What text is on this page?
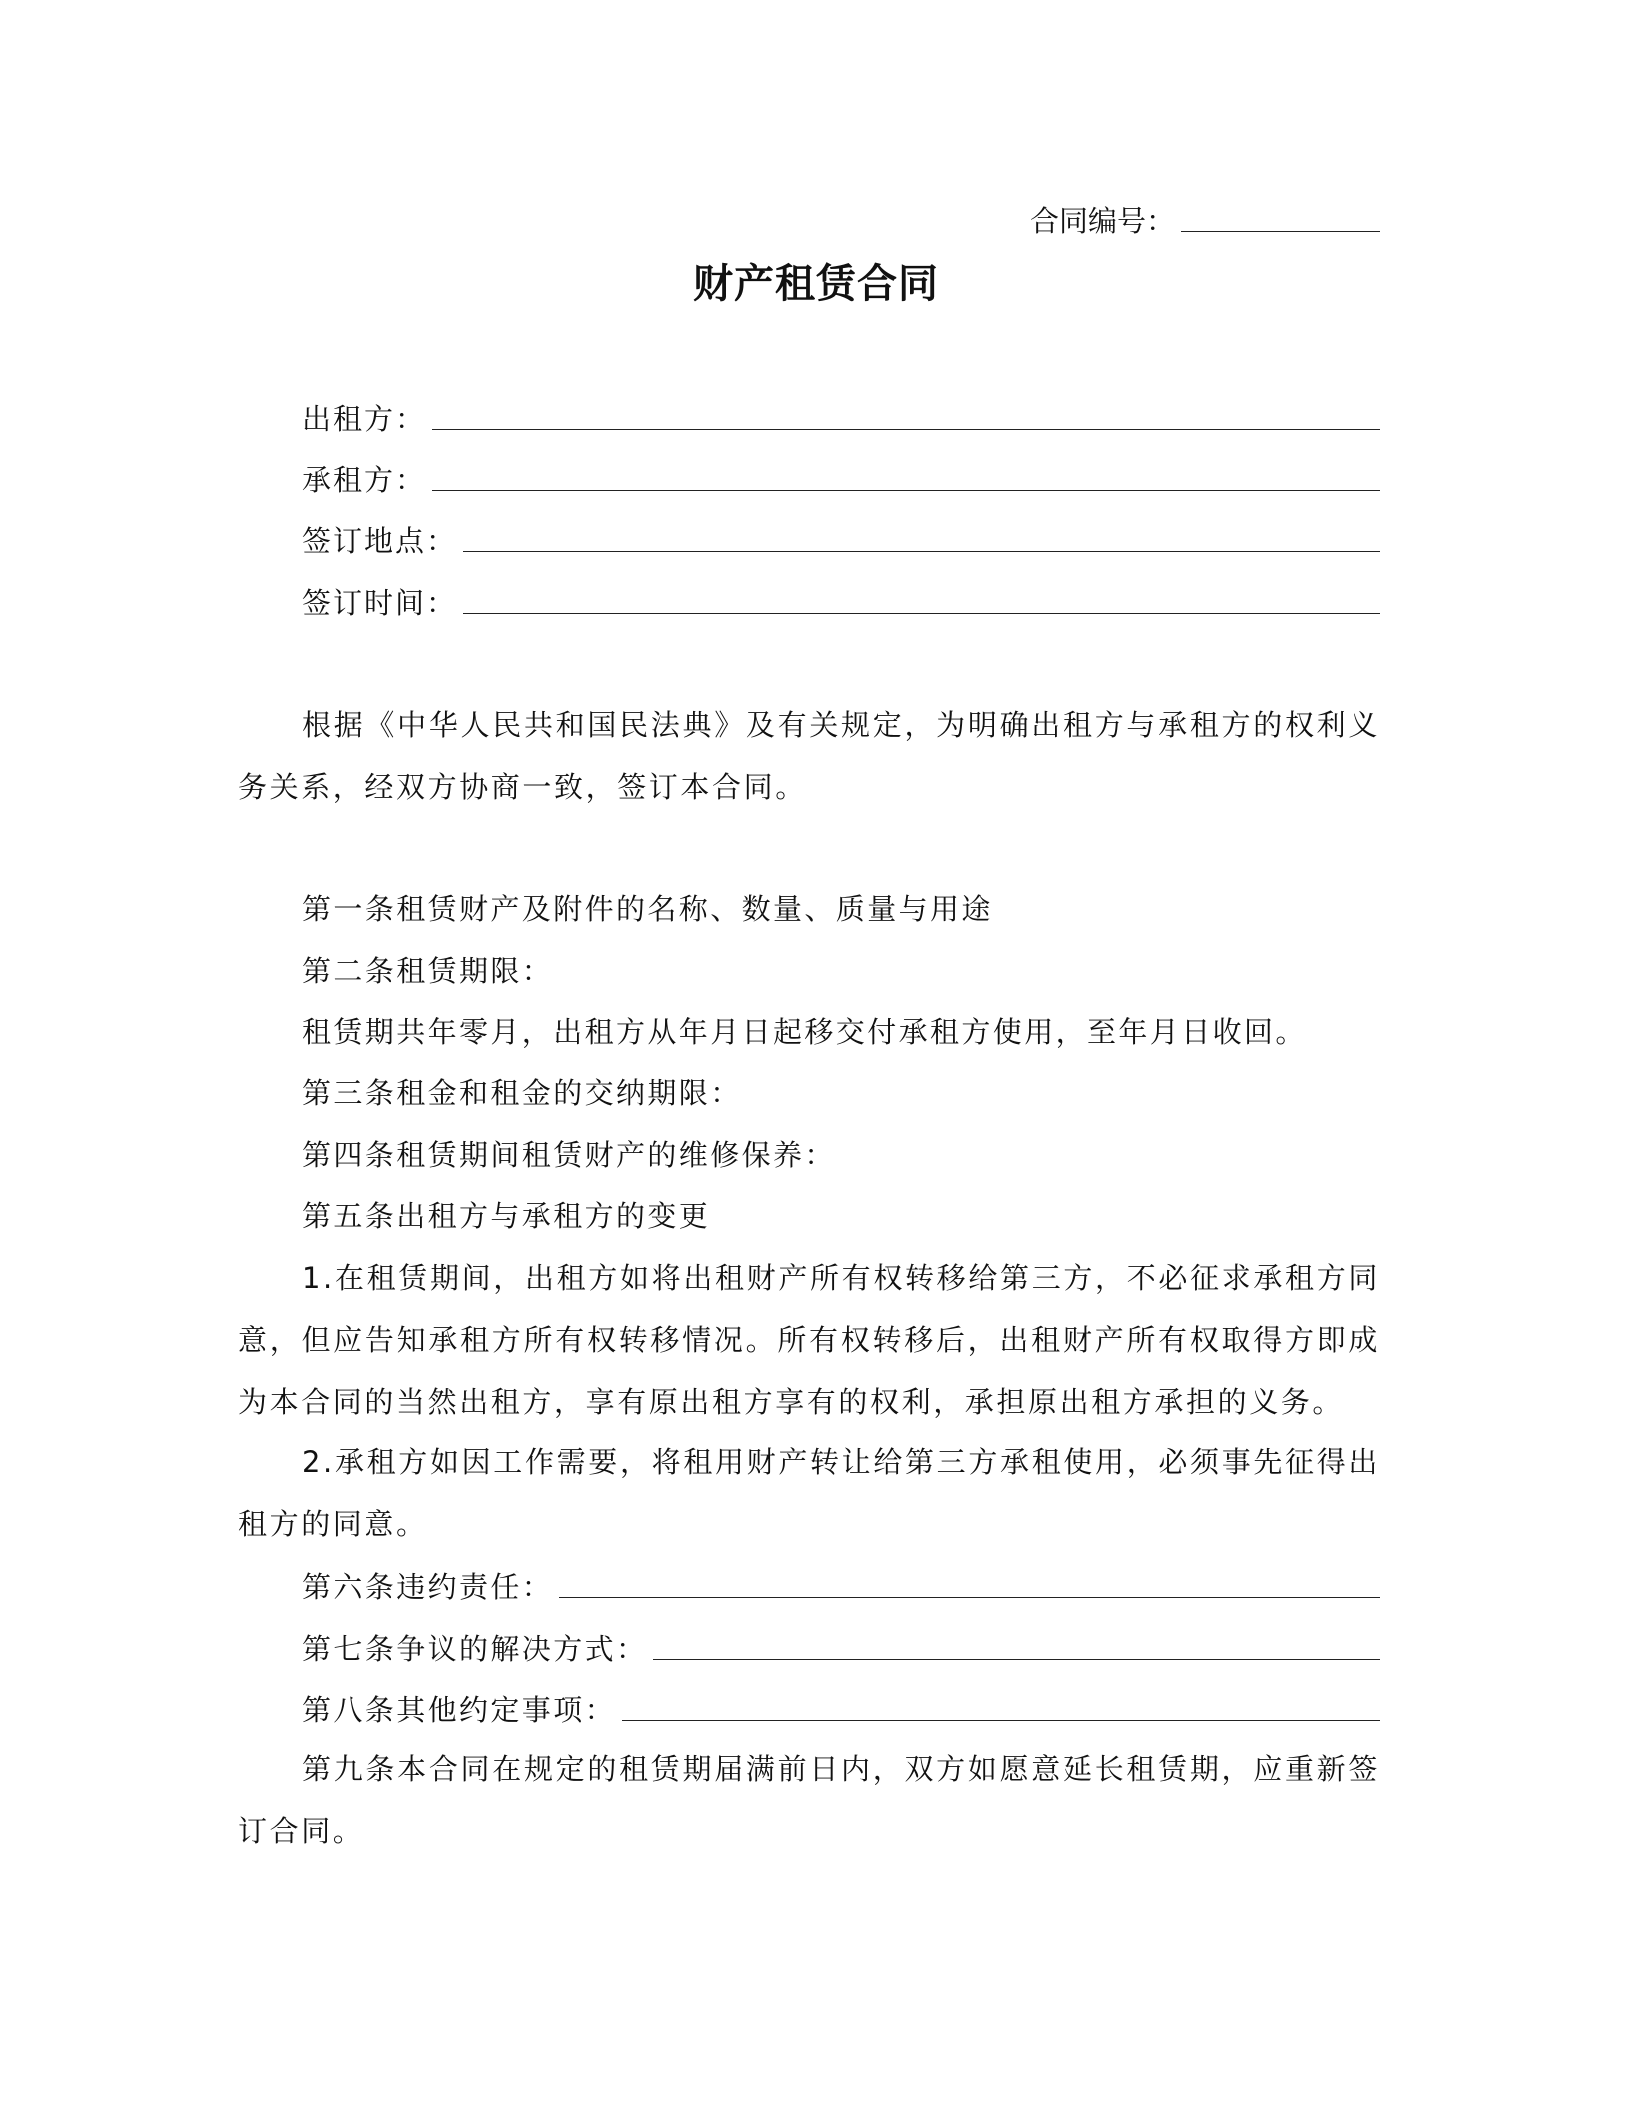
合同编号：
财产租赁合同
出租方：
承租方：
签订地点：
签订时间：
根据《中华人民共和国民法典》及有关规定，为明确出租方与承租方的权利义务关系，经双方协商一致，签订本合同。
第一条租赁财产及附件的名称、数量、质量与用途
第二条租赁期限：
租赁期共年零月，出租方从年月日起移交付承租方使用，至年月日收回。
第三条租金和租金的交纳期限：
第四条租赁期间租赁财产的维修保养：
第五条出租方与承租方的变更
1.在租赁期间，出租方如将出租财产所有权转移给第三方，不必征求承租方同意，但应告知承租方所有权转移情况。所有权转移后，出租财产所有权取得方即成为本合同的当然出租方，享有原出租方享有的权利，承担原出租方承担的义务。
2.承租方如因工作需要，将租用财产转让给第三方承租使用，必须事先征得出租方的同意。
第六条违约责任：
第七条争议的解决方式：
第八条其他约定事项：
第九条本合同在规定的租赁期届满前日内，双方如愿意延长租赁期，应重新签订合同。
